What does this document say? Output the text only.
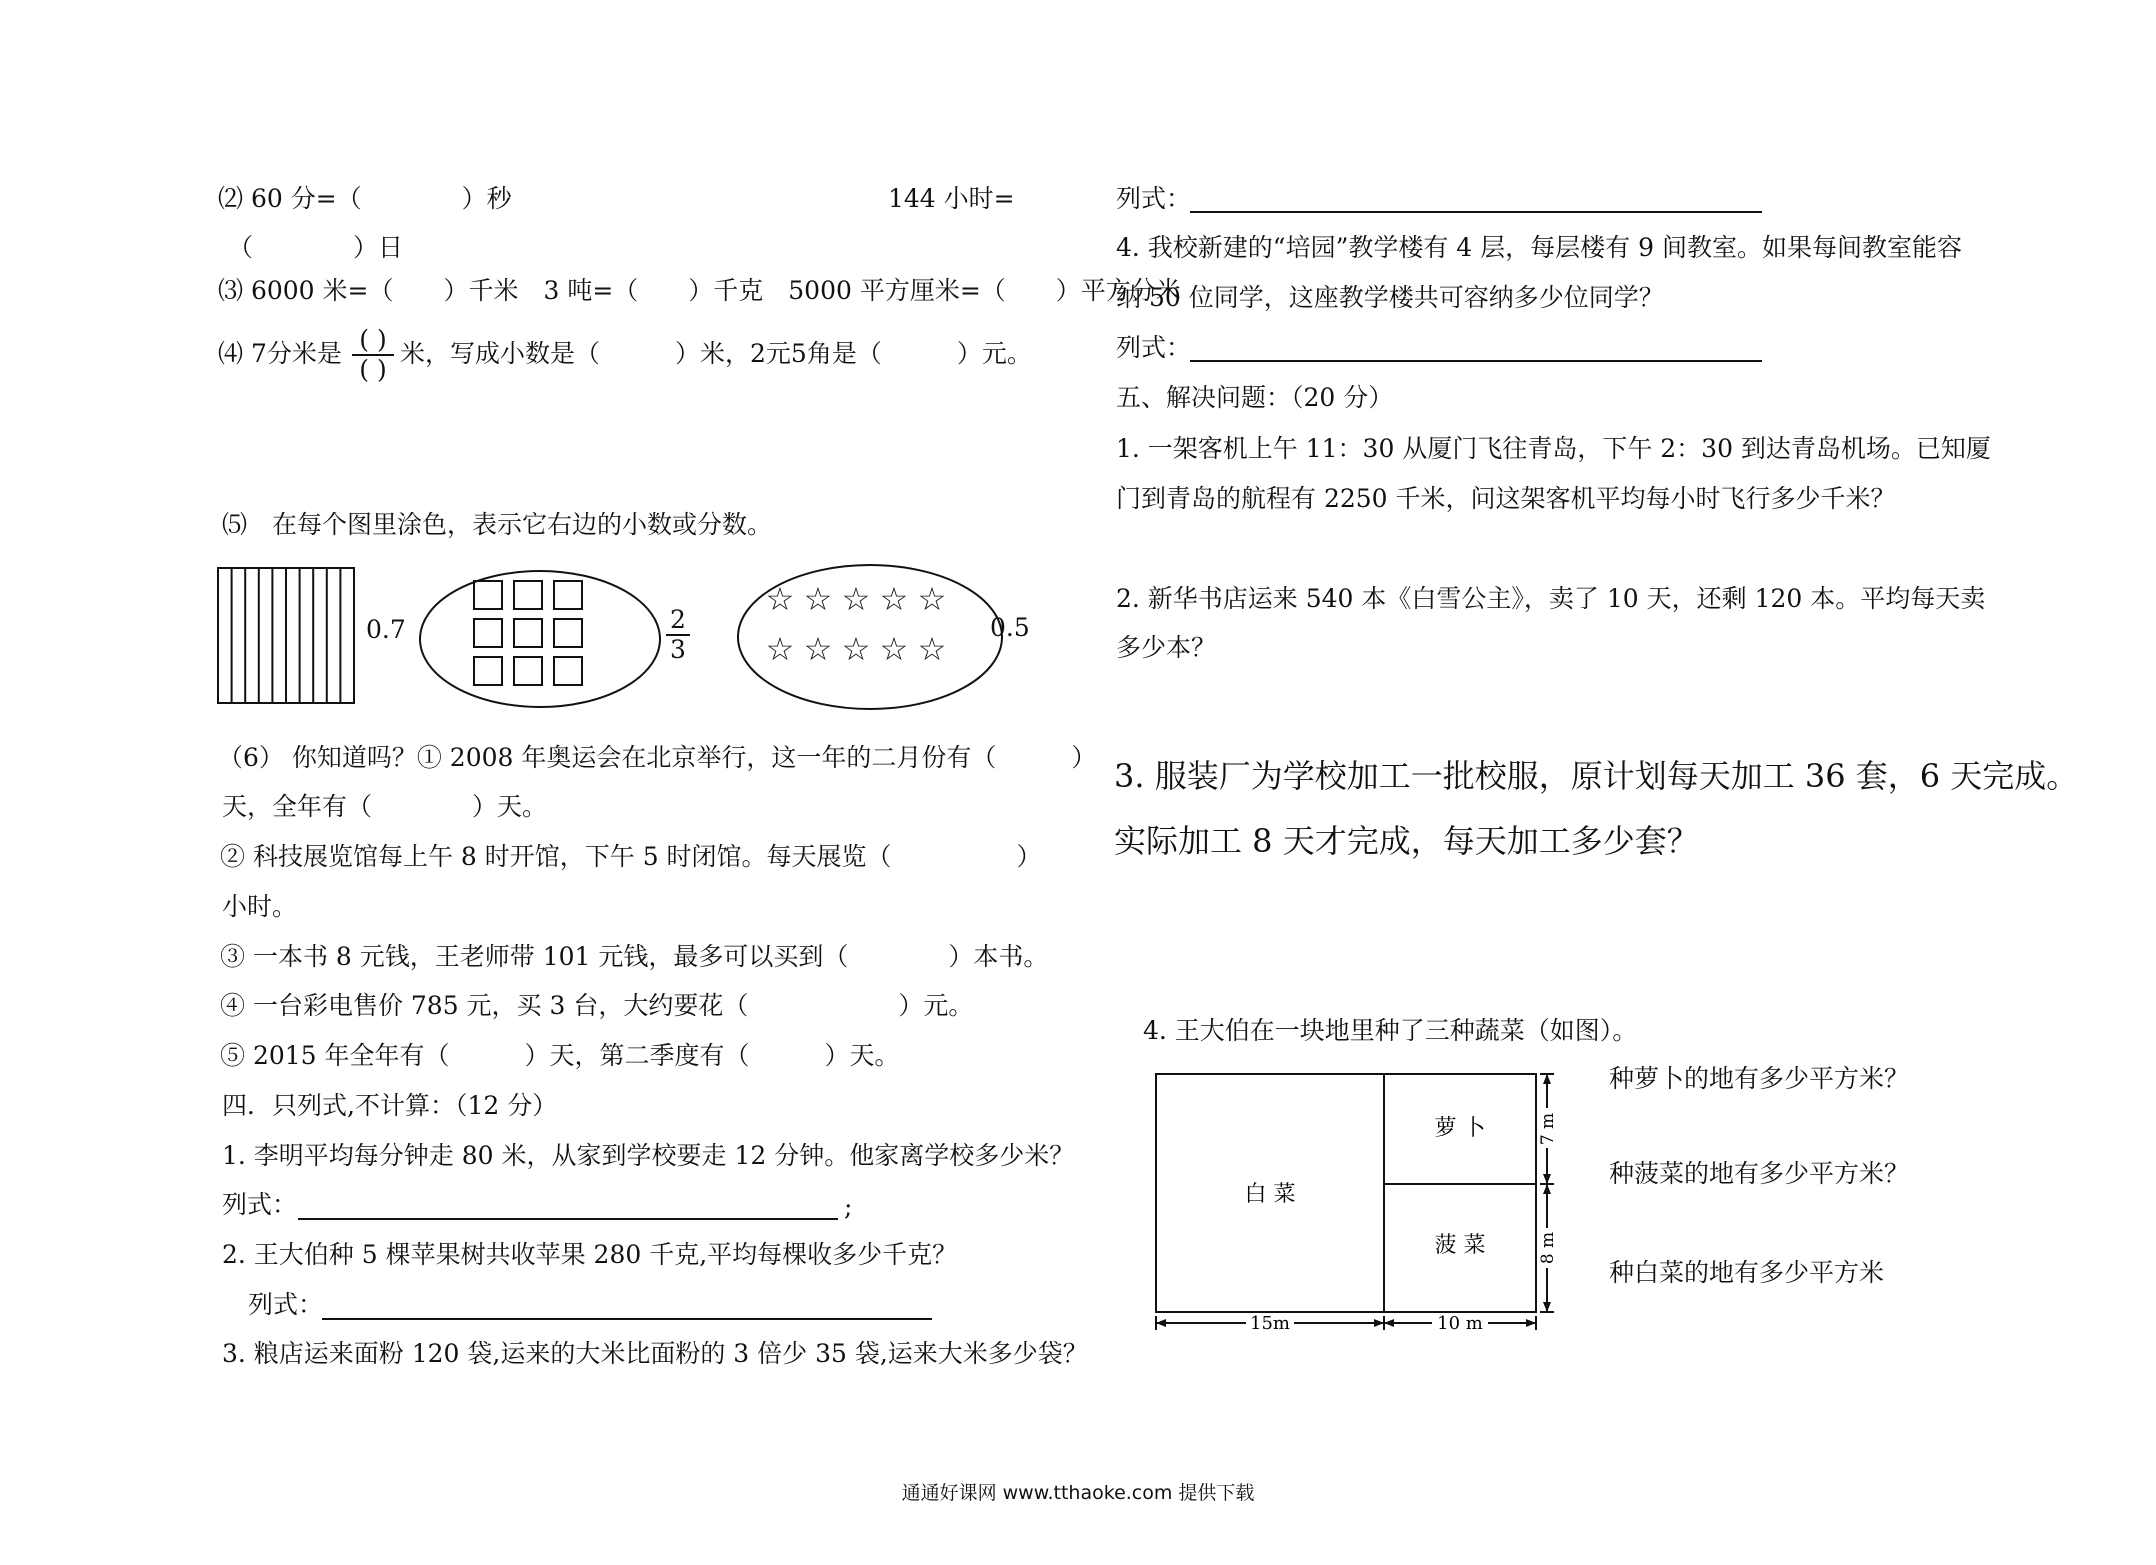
⑵ 60 分=（　　　　）秒	144 小时=
（　　　　）日
⑶ 6000 米=（　　）千米　3 吨=（　　）千克　5000 平方厘米=（　　）平方分米
⑷ 7分米是 ( )
( )
米，写成小数是（　　　）米，2元5角是（　　　）元。
⑸　在每个图里涂色，表示它右边的小数或分数。
☆ ☆ ☆ ☆ ☆
☆ ☆ ☆ ☆ ☆
0.7	$\frac{2}{3}$	0.5
（6） 你知道吗？① 2008 年奥运会在北京举行，这一年的二月份有（　　　）
天，全年有（　　　　）天。
② 科技展览馆每上午 8 时开馆，下午 5 时闭馆。每天展览（　　　　　）
小时。
③ 一本书 8 元钱，王老师带 101 元钱，最多可以买到（　　　　）本书。
④ 一台彩电售价 785 元，买 3 台，大约要花（　　　　　　）元。
⑤ 2015 年全年有（　　　）天，第二季度有（　　　）天。
四．只列式,不计算：（12 分）
1. 李明平均每分钟走 80 米，从家到学校要走 12 分钟。他家离学校多少米？
列式：	;
2. 王大伯种 5 棵苹果树共收苹果 280 千克,平均每棵收多少千克？
列式：
3. 粮店运来面粉 120 袋,运来的大米比面粉的 3 倍少 35 袋,运来大米多少袋？
列式：
4. 我校新建的“培园”教学楼有 4 层，每层楼有 9 间教室。如果每间教室能容
纳 50 位同学，这座教学楼共可容纳多少位同学？
列式：
五、解决问题：（20 分）
1. 一架客机上午 11：30 从厦门飞往青岛，下午 2：30 到达青岛机场。已知厦
门到青岛的航程有 2250 千米，问这架客机平均每小时飞行多少千米？
2. 新华书店运来 540 本《白雪公主》，卖了 10 天，还剩 120 本。平均每天卖
多少本？
3. 服装厂为学校加工一批校服，原计划每天加工 36 套，6 天完成。
实际加工 8 天才完成，每天加工多少套？
4. 王大伯在一块地里种了三种蔬菜（如图）。
白 菜
萝 卜
菠 菜
15m	10 m
7 m
8 m
种萝卜的地有多少平方米？
种菠菜的地有多少平方米？
种白菜的地有多少平方米
通通好课网 www.tthaoke.com 提供下载
